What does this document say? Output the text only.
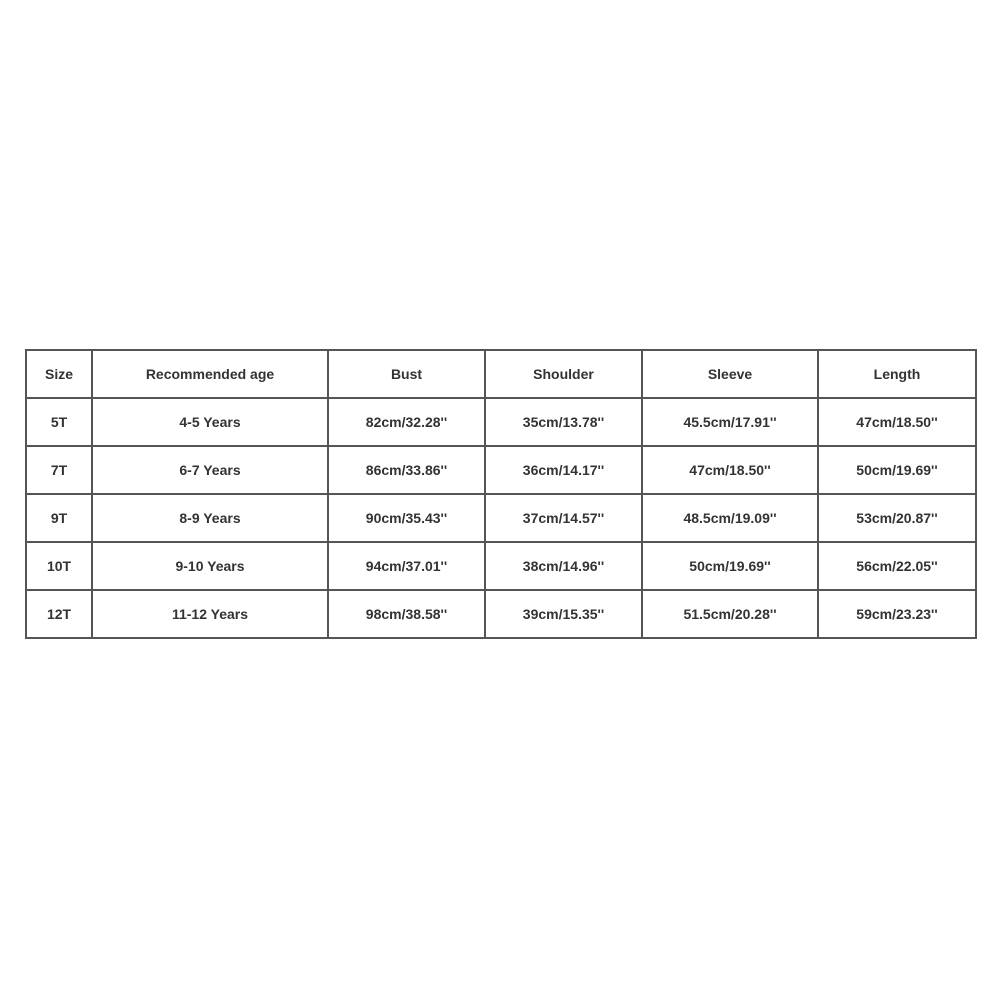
Size	Recommended age	Bust	Shoulder	Sleeve	Length
5T	4-5 Years	82cm/32.28''	35cm/13.78''	45.5cm/17.91''	47cm/18.50''
7T	6-7 Years	86cm/33.86''	36cm/14.17''	47cm/18.50''	50cm/19.69''
9T	8-9 Years	90cm/35.43''	37cm/14.57''	48.5cm/19.09''	53cm/20.87''
10T	9-10 Years	94cm/37.01''	38cm/14.96''	50cm/19.69''	56cm/22.05''
12T	11-12 Years	98cm/38.58''	39cm/15.35''	51.5cm/20.28''	59cm/23.23''
